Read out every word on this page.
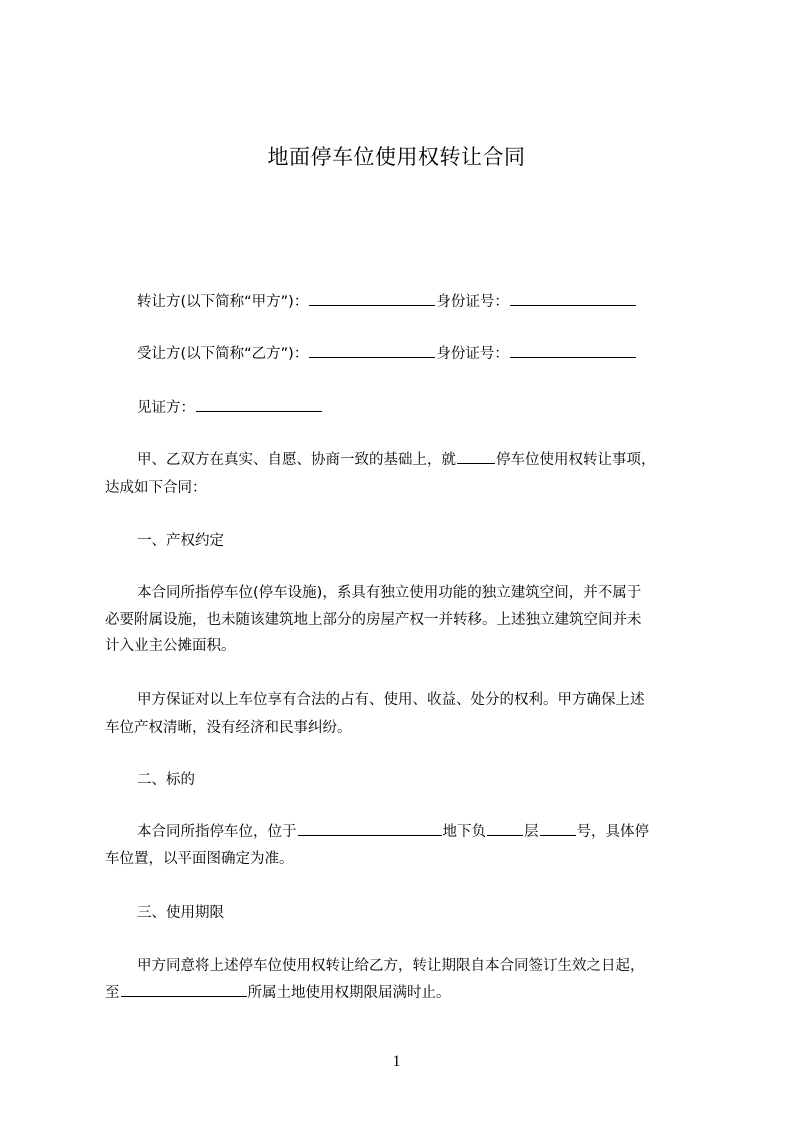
地面停车位使用权转让合同
转让方(以下简称“甲方”)：	身份证号：
受让方(以下简称“乙方”)：	身份证号：
见证方：
甲、乙双方在真实、自愿、协商一致的基础上，就	停车位使用权转让事项，
达成如下合同：
一、产权约定
本合同所指停车位(停车设施)，系具有独立使用功能的独立建筑空间，并不属于
必要附属设施，也未随该建筑地上部分的房屋产权一并转移。上述独立建筑空间并未
计入业主公摊面积。
甲方保证对以上车位享有合法的占有、使用、收益、处分的权利。甲方确保上述
车位产权清晰，没有经济和民事纠纷。
二、标的
本合同所指停车位，位于	地下负	层	号，具体停
车位置，以平面图确定为准。
三、使用期限
甲方同意将上述停车位使用权转让给乙方，转让期限自本合同签订生效之日起，
至	所属土地使用权期限届满时止。
1
